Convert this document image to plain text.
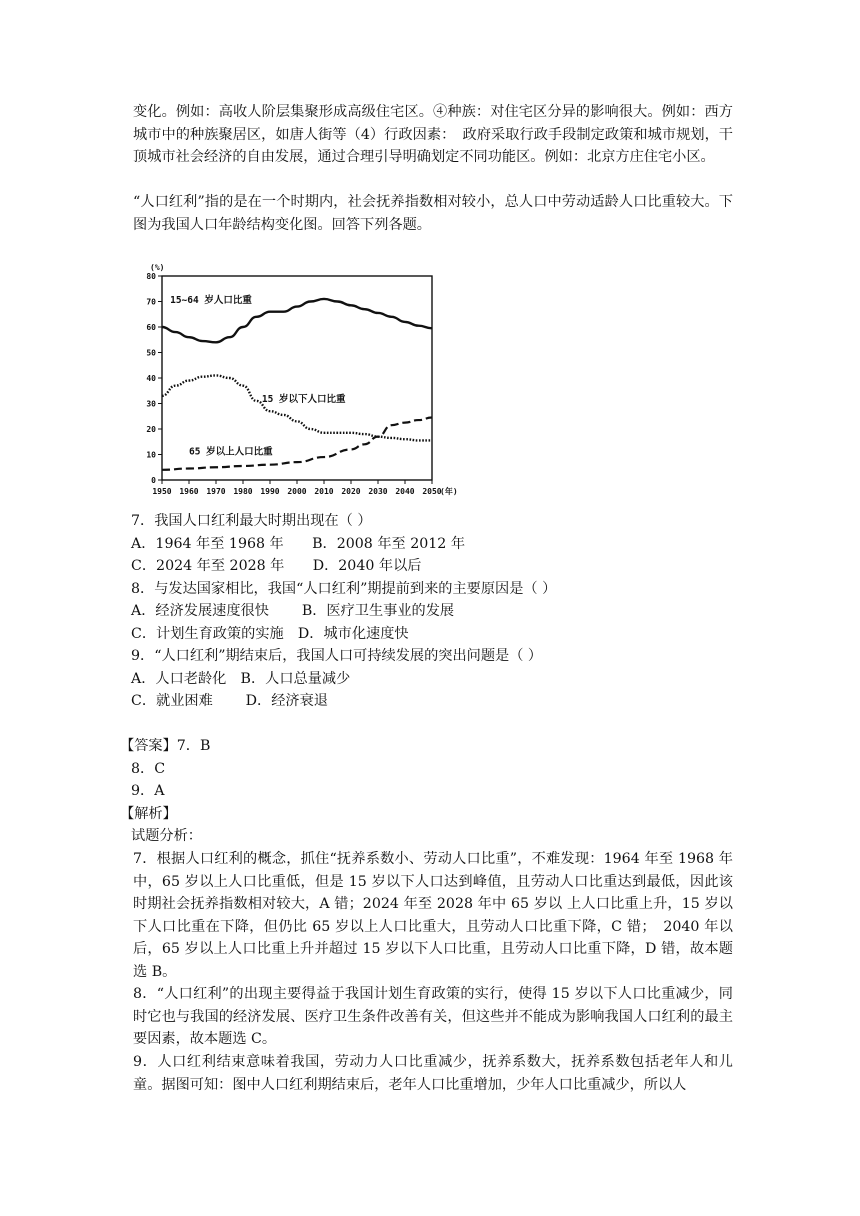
变化。例如：高收人阶层集聚形成高级住宅区。④种族：对住宅区分异的影响很大。例如：西方城市中的种族聚居区，如唐人街等（4）行政因素：　政府采取行政手段制定政策和城市规划，干顶城市社会经济的自由发展，通过合理引导明确划定不同功能区。例如：北京方庄住宅小区。
“人口红利”指的是在一个时期内，社会抚养指数相对较小，总人口中劳动适龄人口比重较大。下图为我国人口年龄结构变化图。回答下列各题。
1950 1960 1970 1980 1990 2000 2010 2020 2030 2040 2050
0
10
20
30
40
50
60
70
80
(%)
(年)
15~64 岁人口比重
15 岁以下人口比重
65 岁以上人口比重
7．我国人口红利最大时期出现在（ ）
A．1964 年至 1968 年　　B．2008 年至 2012 年
C．2024 年至 2028 年　　D．2040 年以后
8．与发达国家相比，我国“人口红利”期提前到来的主要原因是（ ）
A．经济发展速度很快　　 B．医疗卫生事业的发展
C．计划生育政策的实施　D．城市化速度快
9．“人口红利”期结束后，我国人口可持续发展的突出问题是（ ）
A．人口老龄化　B．人口总量减少
C．就业困难　　 D．经济衰退
【答案】7．B
8．C
9．A
【解析】
试题分析：
7．根据人口红利的概念，抓住“抚养系数小、劳动人口比重”，不难发现：1964 年至 1968 年中，65 岁以上人口比重低，但是 15 岁以下人口达到峰值，且劳动人口比重达到最低，因此该时期社会抚养指数相对较大，A 错；2024 年至 2028 年中 65 岁以 上人口比重上升，15 岁以下人口比重在下降，但仍比 65 岁以上人口比重大，且劳动人口比重下降，C 错；　2040 年以后，65 岁以上人口比重上升并超过 15 岁以下人口比重，且劳动人口比重下降，D 错，故本题选 B。
8．“人口红利”的出现主要得益于我国计划生育政策的实行，使得 15 岁以下人口比重减少，同时它也与我国的经济发展、医疗卫生条件改善有关，但这些并不能成为影响我国人口红利的最主要因素，故本题选 C。
9．人口红利结束意味着我国，劳动力人口比重减少，抚养系数大，抚养系数包括老年人和儿童。据图可知：图中人口红利期结束后，老年人口比重增加，少年人口比重减少，所以人
